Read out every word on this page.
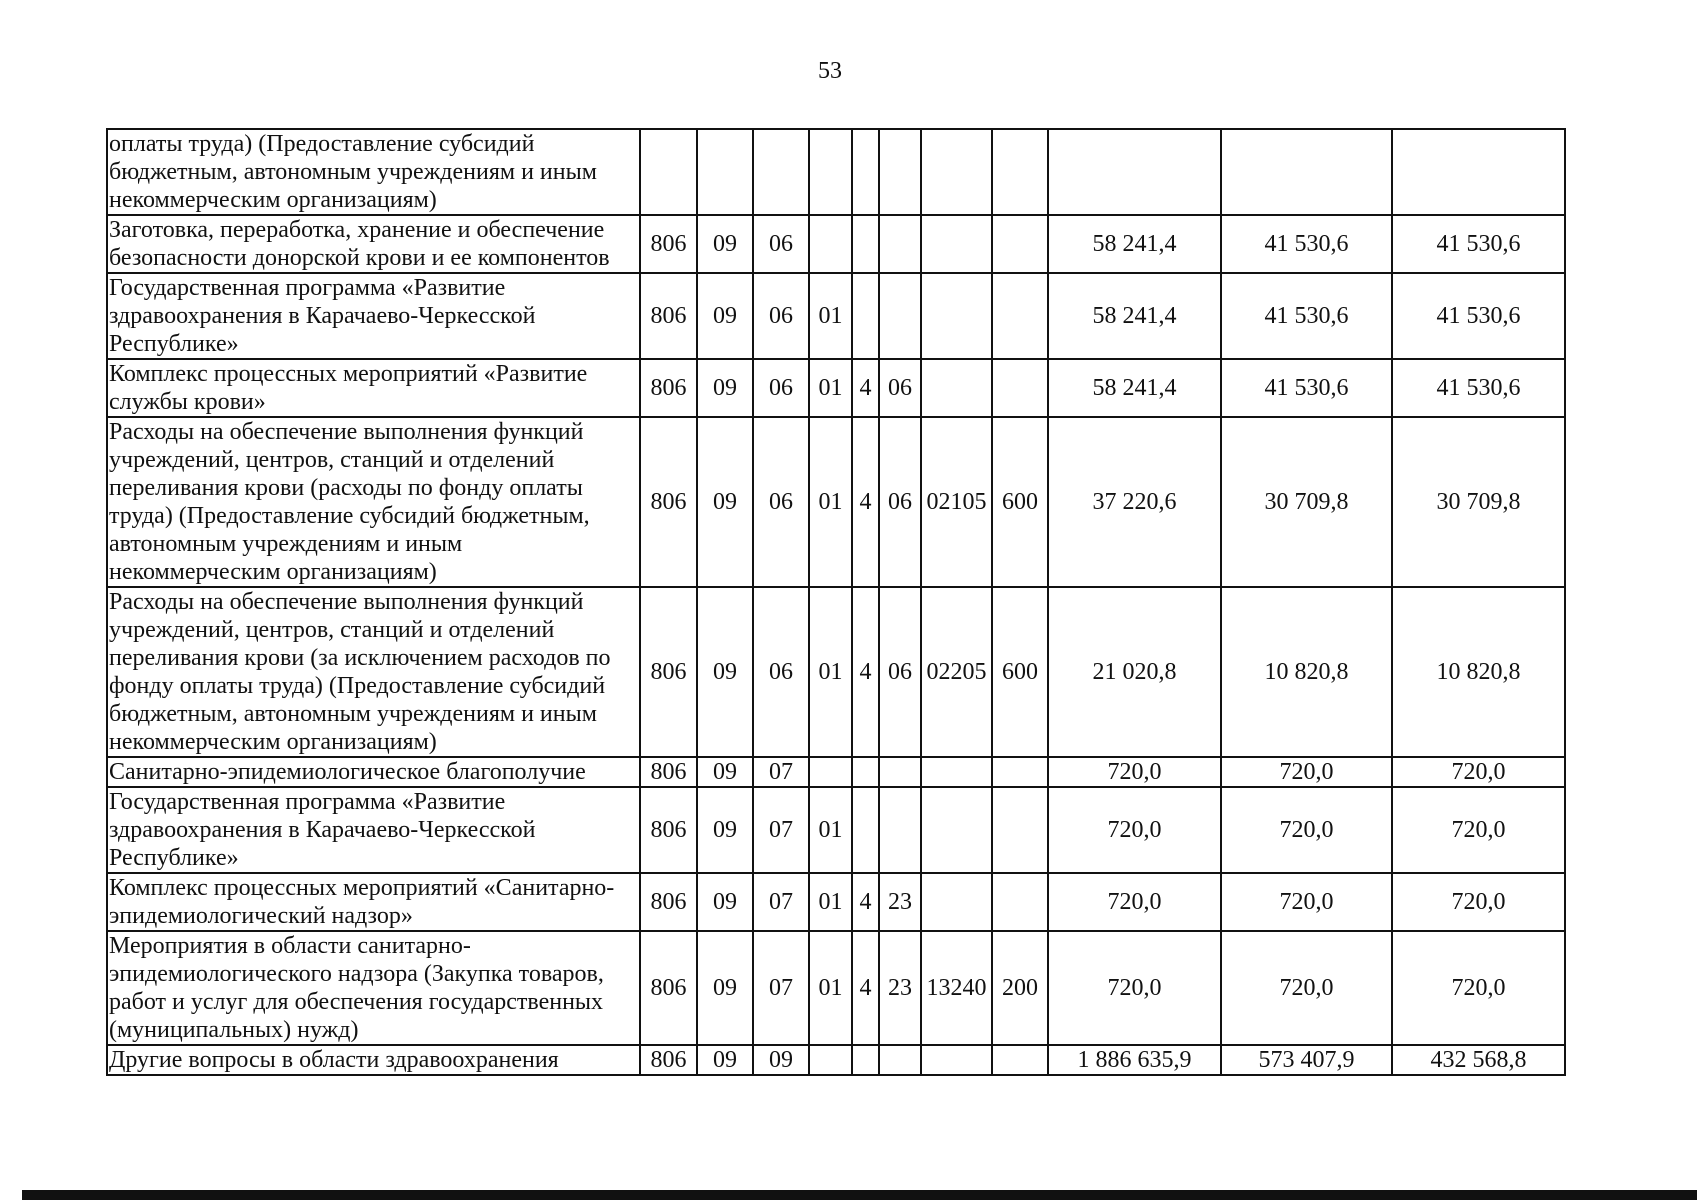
53
оплаты труда) (Предоставление субсидий бюджетным, автономным учреждениям и иным некоммерческим организациям)											
Заготовка, переработка, хранение и обеспечение безопасности донорской крови и ее компонентов	806	09	06						58 241,4	41 530,6	41 530,6
Государственная программа «Развитие здравоохранения в Карачаево-Черкесской Республике»	806	09	06	01					58 241,4	41 530,6	41 530,6
Комплекс процессных мероприятий «Развитие службы крови»	806	09	06	01	4	06			58 241,4	41 530,6	41 530,6
Расходы на обеспечение выполнения функций учреждений, центров, станций и отделений переливания крови (расходы по фонду оплаты труда) (Предоставление субсидий бюджетным, автономным учреждениям и иным некоммерческим организациям)	806	09	06	01	4	06	02105	600	37 220,6	30 709,8	30 709,8
Расходы на обеспечение выполнения функций учреждений, центров, станций и отделений переливания крови (за исключением расходов по фонду оплаты труда) (Предоставление субсидий бюджетным, автономным учреждениям и иным некоммерческим организациям)	806	09	06	01	4	06	02205	600	21 020,8	10 820,8	10 820,8
Санитарно-эпидемиологическое благополучие	806	09	07						720,0	720,0	720,0
Государственная программа «Развитие здравоохранения в Карачаево-Черкесской Республике»	806	09	07	01					720,0	720,0	720,0
Комплекс процессных мероприятий «Санитарно-эпидемиологический надзор»	806	09	07	01	4	23			720,0	720,0	720,0
Мероприятия в области санитарно-эпидемиологического надзора (Закупка товаров, работ и услуг для обеспечения государственных (муниципальных) нужд)	806	09	07	01	4	23	13240	200	720,0	720,0	720,0
Другие вопросы в области здравоохранения	806	09	09						1 886 635,9	573 407,9	432 568,8
